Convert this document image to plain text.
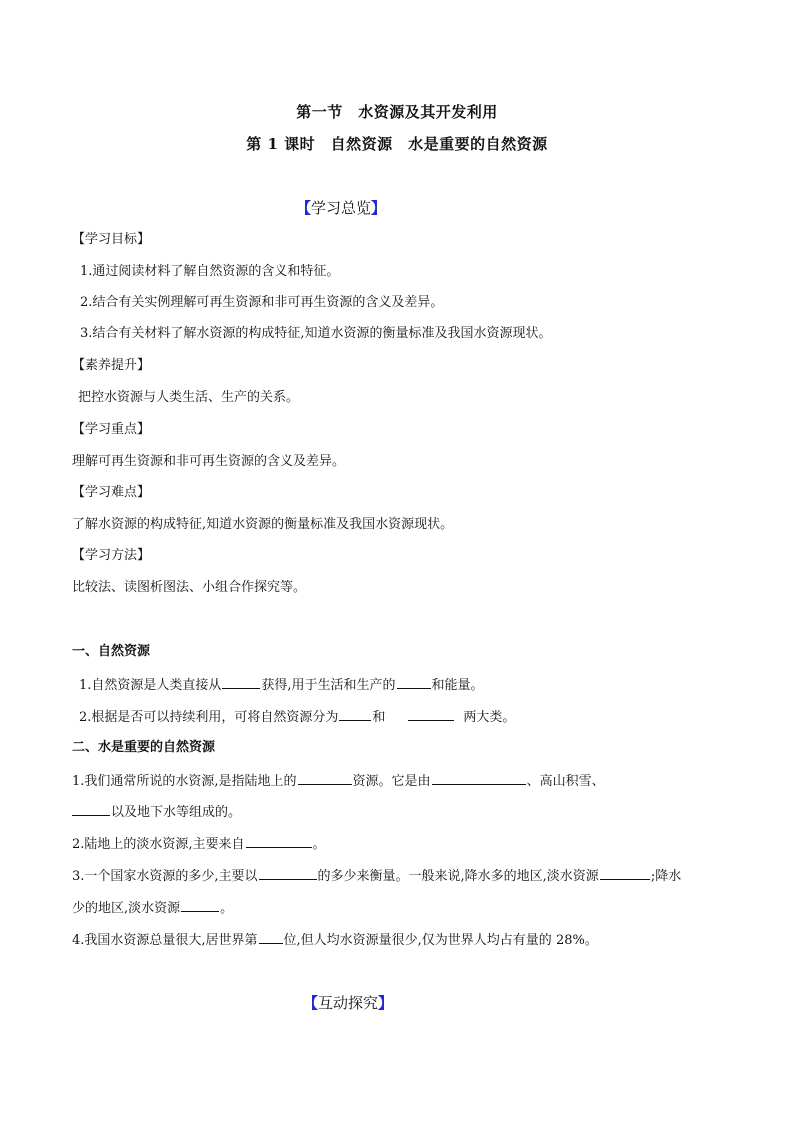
第一节　水资源及其开发利用
第 1 课时　自然资源　水是重要的自然资源
【学习总览】
【学习目标】
1.通过阅读材料了解自然资源的含义和特征。
2.结合有关实例理解可再生资源和非可再生资源的含义及差异。
3.结合有关材料了解水资源的构成特征,知道水资源的衡量标准及我国水资源现状。
【素养提升】
把控水资源与人类生活、生产的关系。
【学习重点】
理解可再生资源和非可再生资源的含义及差异。
【学习难点】
了解水资源的构成特征,知道水资源的衡量标准及我国水资源现状。
【学习方法】
比较法、读图析图法、小组合作探究等。
一、自然资源
1.自然资源是人类直接从	获得,用于生活和生产的	和能量。
2.根据是否可以持续利用，可将自然资源分为	和	两大类。
二、水是重要的自然资源
1.我们通常所说的水资源,是指陆地上的	资源。它是由	、高山积雪、
以及地下水等组成的。
2.陆地上的淡水资源,主要来自	。
3.一个国家水资源的多少,主要以	的多少来衡量。一般来说,降水多的地区,淡水资源	;降水
少的地区,淡水资源	。
4.我国水资源总量很大,居世界第 位,但人均水资源量很少,仅为世界人均占有量的 28%。
【互动探究】
